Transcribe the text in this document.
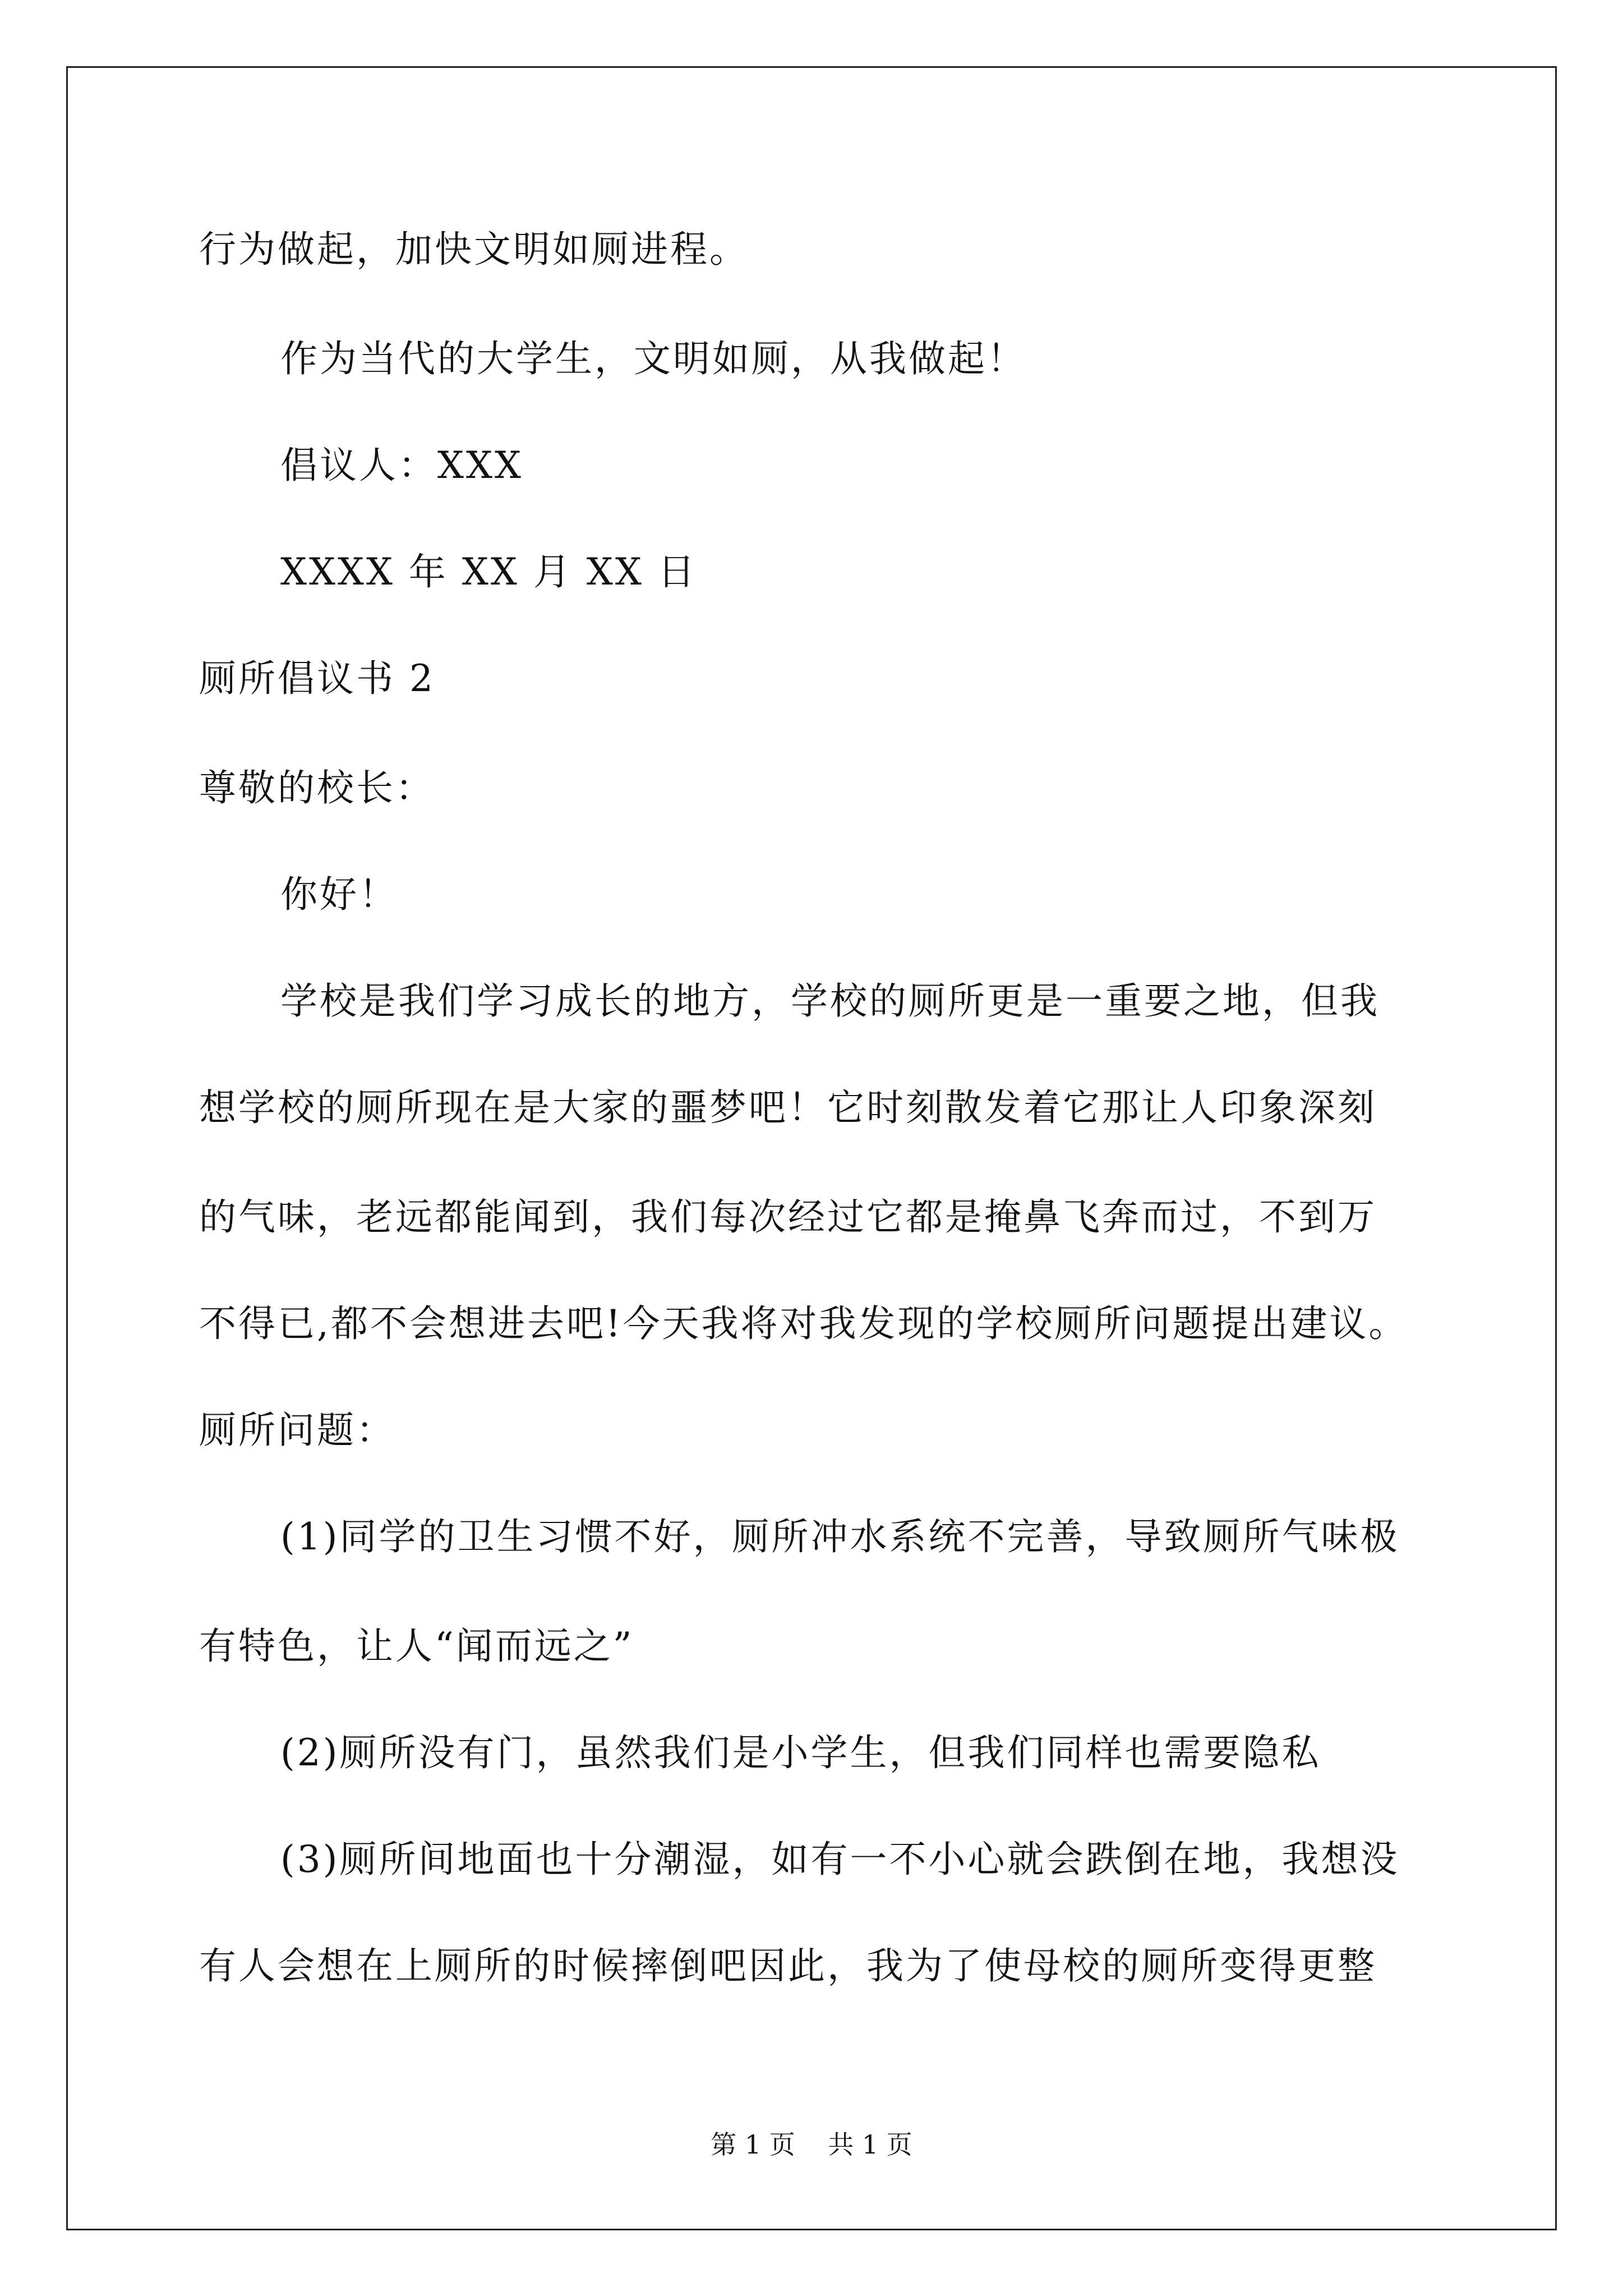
行为做起，加快文明如厕进程。
作为当代的大学生，文明如厕，从我做起！
倡议人：XXX
XXXX 年 XX 月 XX 日
厕所倡议书 2
尊敬的校长：
你好！
学校是我们学习成长的地方，学校的厕所更是一重要之地，但我
想学校的厕所现在是大家的噩梦吧！它时刻散发着它那让人印象深刻
的气味，老远都能闻到，我们每次经过它都是掩鼻飞奔而过，不到万
不得已,都不会想进去吧!今天我将对我发现的学校厕所问题提出建议。
厕所问题：
(1)同学的卫生习惯不好，厕所冲水系统不完善，导致厕所气味极
有特色，让人“闻而远之”
(2)厕所没有门，虽然我们是小学生，但我们同样也需要隐私
(3)厕所间地面也十分潮湿，如有一不小心就会跌倒在地，我想没
有人会想在上厕所的时候摔倒吧因此，我为了使母校的厕所变得更整
第 1 页    共 1 页
